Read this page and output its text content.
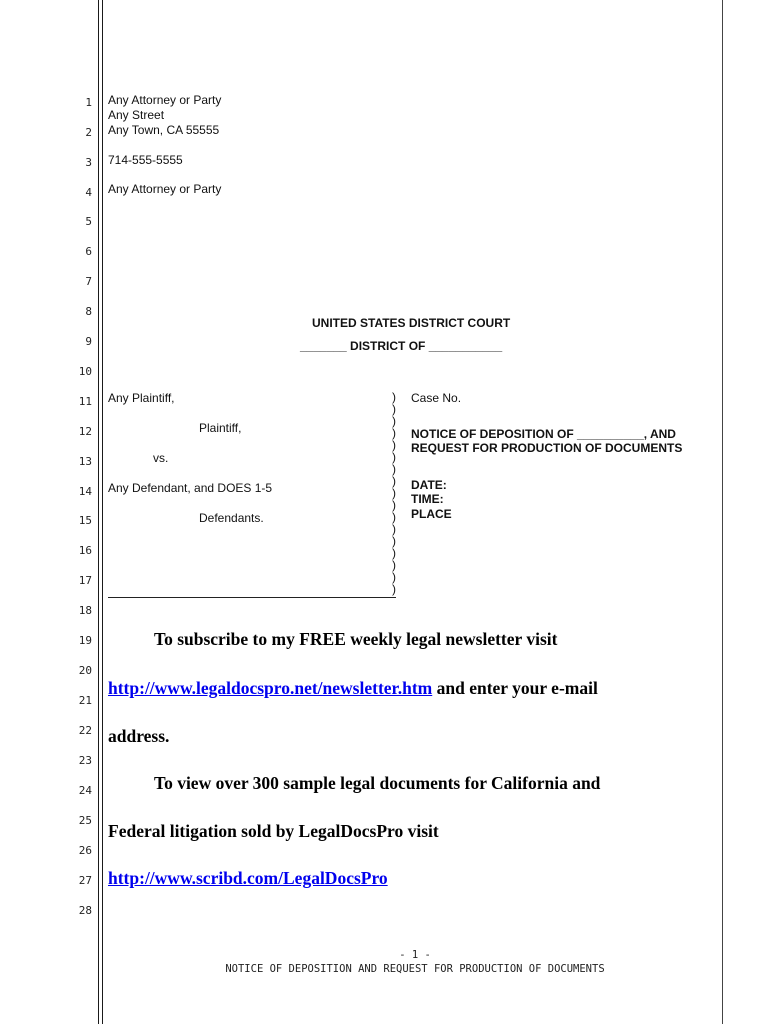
1
2
3
4
5
6
7
8
9
10
11
12
13
14
15
16
17
18
19
20
21
22
23
24
25
26
27
28
Any Attorney or Party
Any Street
Any Town, CA 55555
714-555-5555
Any Attorney or Party
UNITED STATES DISTRICT COURT
_______ DISTRICT OF ___________
Any Plaintiff,
Plaintiff,
vs.
Any Defendant, and DOES 1-5
Defendants.
)
)
)
)
)
)
)
)
)
)
)
)
)
)
)
)
)
Case No.
NOTICE OF DEPOSITION OF __________, AND
REQUEST FOR PRODUCTION OF DOCUMENTS
DATE:
TIME:
PLACE
To subscribe to my FREE weekly legal newsletter visit
http://www.legaldocspro.net/newsletter.htm and enter your e-mail
address.
To view over 300 sample legal documents for California and
Federal litigation sold by LegalDocsPro visit
http://www.scribd.com/LegalDocsPro
- 1 -
NOTICE OF DEPOSITION AND REQUEST FOR PRODUCTION OF DOCUMENTS
